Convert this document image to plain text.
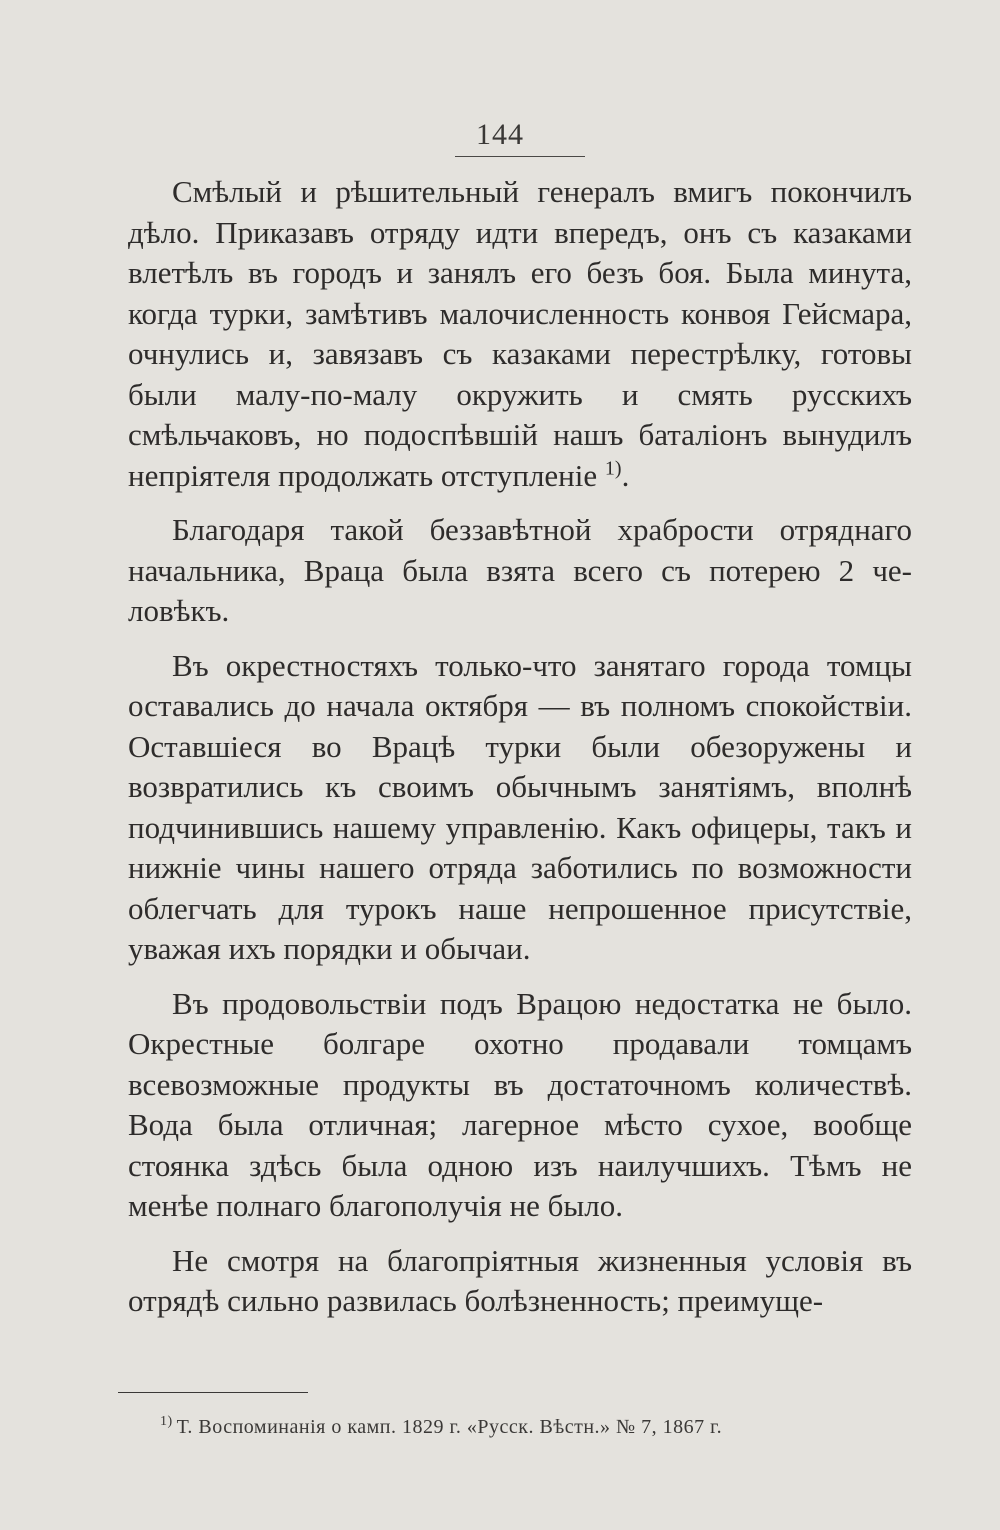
144

Смѣлый и рѣшительный генералъ вмигъ покончилъ дѣло. Приказавъ отряду идти впередъ, онъ съ казаками влетѣлъ въ городъ и занялъ его безъ боя. Была минута, когда турки, замѣтивъ малочисленность конвоя Гейсмара, очнулись и, завязавъ съ казаками перестрѣлку, готовы были малу-по-малу окружить и смять русскихъ смѣльчаковъ, но подоспѣвшій нашъ баталіонъ вынудилъ непріятеля продолжать отступленіе $^{1)}$.

Благодаря такой беззавѣтной храбрости отряднаго начальника, Враца была взята всего съ потерею 2 человѣкъ.

Въ окрестностяхъ только-что занятаго города томцы оставались до начала октября — въ полномъ спокойствіи. Оставшіеся во Врацѣ турки были обезоружены и возвратились къ своимъ обычнымъ занятіямъ, вполнѣ подчинившись нашему управленію. Какъ офицеры, такъ и нижніе чины нашего отряда заботились по возможности облегчать для турокъ наше непрошенное присутствіе, уважая ихъ порядки и обычаи.

Въ продовольствіи подъ Врацою недостатка не было. Окрестные болгаре охотно продавали томцамъ всевозможные продукты въ достаточномъ количествѣ. Вода была отличная; лагерное мѣсто сухое, вообще стоянка здѣсь была одною изъ наилучшихъ. Тѣмъ не менѣе полнаго благополучія не было.

Не смотря на благопріятныя жизненныя условія въ отрядѣ сильно развилась болѣзненность; преимуще-

$^{1)}$ Т. Воспоминанія о камп. 1829 г. «Русск. Вѣстн.» № 7, 1867 г.
